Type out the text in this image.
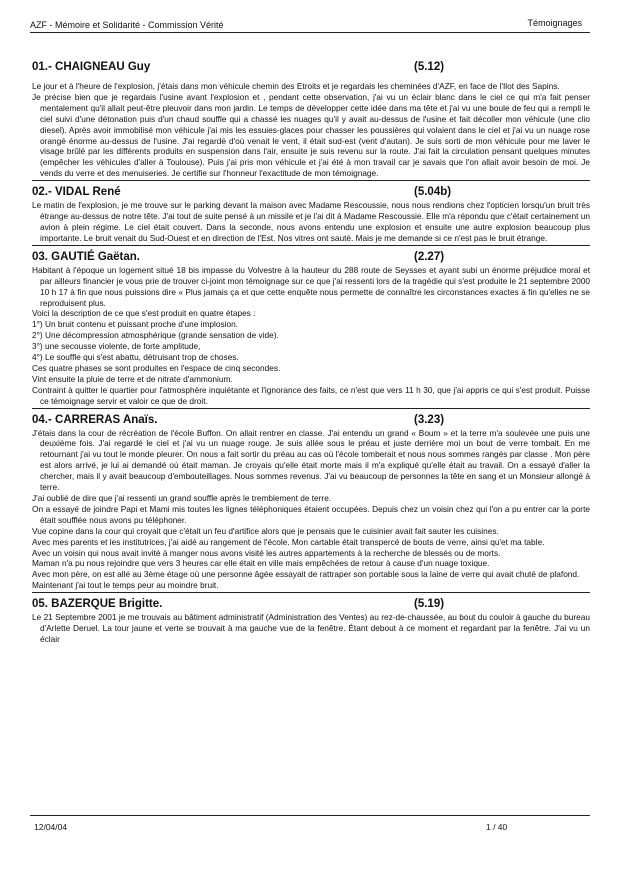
AZF - Mémoire et Solidarité - Commission Vérité	Témoignages
01.- CHAIGNEAU Guy	(5.12)

Le jour et à l'heure de l'explosion, j'étais dans mon véhicule chemin des Etroits et je regardais les cheminées d'AZF, en face de l'Ilot des Sapins.

Je précise bien que je regardais l'usine avant l'explosion et , pendant cette observation, j'ai vu un éclair blanc dans le ciel ce qui m'a fait penser mentalement qu'il allait peut-être pleuvoir dans mon jardin. Le temps de développer cette idée dans ma tête et j'ai vu une boule de feu qui a rempli le ciel suivi d'une détonation puis d'un chaud souffle qui a chassé les nuages qu'il y avait au-dessus de l'usine et fait décoller mon véhicule (une clio diesel). Après avoir immobilisé mon véhicule j'ai mis les essuies-glaces pour chasser les poussières qui volaient dans le ciel et j'ai vu un nuage rose orangé énorme au-dessus de l'usine. J'ai regardé d'où venait le vent, il était sud-est (vent d'autan). Je suis sorti de mon véhicule pour me laver le visage brûlé par les différents produits en suspension dans l'air, ensuite je suis revenu sur la route. J'ai fait la circulation pensant quelques minutes (empêcher les véhicules d'aller à Toulouse). Puis j'ai pris mon véhicule et j'ai été à mon travail car je savais que l'on allait avoir besoin de moi. Je vends du verre et des menuiseries. Je certifie sur l'honneur l'exactitude de mon témoignage.

02.- VIDAL René	(5.04b)

Le matin de l'explosion, je me trouve sur le parking devant la maison avec Madame Rescoussie, nous nous rendions chez l'opticien lorsqu'un bruit très étrange au-dessus de notre tête. J'ai tout de suite pensé à un missile et je l'ai dit à Madame Rescoussie. Elle m'a répondu que c'était certainement un avion à plein régime. Le ciel était couvert. Dans la seconde, nous avons entendu une explosion et ensuite une autre explosion beaucoup plus importante. Le bruit venait du Sud-Ouest et en direction de l'Est. Nos vitres ont sauté. Mais je me demande si ce n'est pas le bruit étrange.

03. GAUTIÉ Gaëtan.	(2.27)

Habitant à l'époque un logement situé 18 bis impasse du Volvestre à la hauteur du 288 route de Seysses et ayant subi un énorme préjudice moral et par ailleurs financier je vous prie de trouver ci-joint mon témoignage sur ce que j'ai ressenti lors de la tragédie qui s'est produite le 21 septembre 2000 10 h 17 à fin que nous puissions dire « Plus jamais ça et que cette enquête nous permette de connaître les circonstances exactes à fin qu'elles ne se reproduisent plus.

Voici la description de ce que s'est produit en quatre étapes :

1°) Un bruit contenu et puissant proche d'une implosion.

2°) Une décompression atmosphérique (grande sensation de vide).

3°) une secousse violente, de forte amplitude,

4°) Le souffle qui s'est abattu, détruisant trop de choses.

Ces quatre phases se sont produites en l'espace de cinq secondes.

Vint ensuite la pluie de terre et de nitrate d'ammonium.

Contraint à quitter le quartier pour l'atmosphère inquiétante et l'ignorance des faits, ce n'est que vers 11 h 30, que j'ai appris ce qui s'est produit. Puisse ce témoignage servir et valoir ce que de droit.

04.- CARRERAS Anaïs.	(3.23)

J'étais dans la cour de récréation de l'école Buffon. On allait rentrer en classe. J'ai entendu un grand « Boum » et la terre m'a soulevée une puis une deuxième fois. J'ai regardé le ciel et j'ai vu un nuage rouge. Je suis allée sous le préau et juste derrière moi un bout de verre tombait. En me retournant j'ai vu tout le monde pleurer. On nous a fait sortir du préau au cas où l'école tomberait et nous nous sommes rangés par classe . Mon père est alors arrivé, je lui ai demandé où était maman. Je croyais qu'elle était morte mais il m'a expliqué qu'elle était au travail. On a essayé d'aller la chercher, mais il y avait beaucoup d'embouteillages. Nous sommes revenus. J'ai vu beaucoup de personnes la tête en sang et un Monsieur allongé à terre.

J'ai oublié de dire que j'ai ressenti un grand souffle après le tremblement de terre.

On a essayé de joindre Papi et Mami mis toutes les lignes téléphoniques étaient occupées. Depuis chez un voisin chez qui l'on a pu entrer car la porte était soufflée nous avons pu téléphoner.

Vue copine dans la cour qui croyait que c'était un feu d'artifice alors que je pensais que le cuisinier avait fait sauter les cuisines.

Avec mes parents et les institutrices, j'ai aidé au rangement de l'école. Mon cartable était transpercé de bouts de verre, ainsi qu'et ma table.

Avec un voisin qui nous avait invité à manger nous avons visité les autres appartements à la recherche de blessés ou de morts.

Maman n'a pu nous rejoindre que vers 3 heures car elle était en ville mais empêchées de retour à cause d'un nuage toxique.

Avec mon père, on est allé au 3ème étage où une personne âgée essayait de rattraper son portable sous la laine de verre qui avait chuté de plafond.

Maintenant j'ai tout le temps peur au moindre bruit.

05. BAZERQUE Brigitte.	(5.19)

Le 21 Septembre 2001 je me trouvais au bâtiment administratif (Administration des Ventes) au rez-de-chaussée, au bout du couloir à gauche du bureau d'Arlette Deruel. La tour jaune et verte se trouvait à ma gauche vue de la fenêtre. Étant debout à ce moment et regardant par la fenêtre. J'ai vu un éclair

12/04/04	1 / 40
